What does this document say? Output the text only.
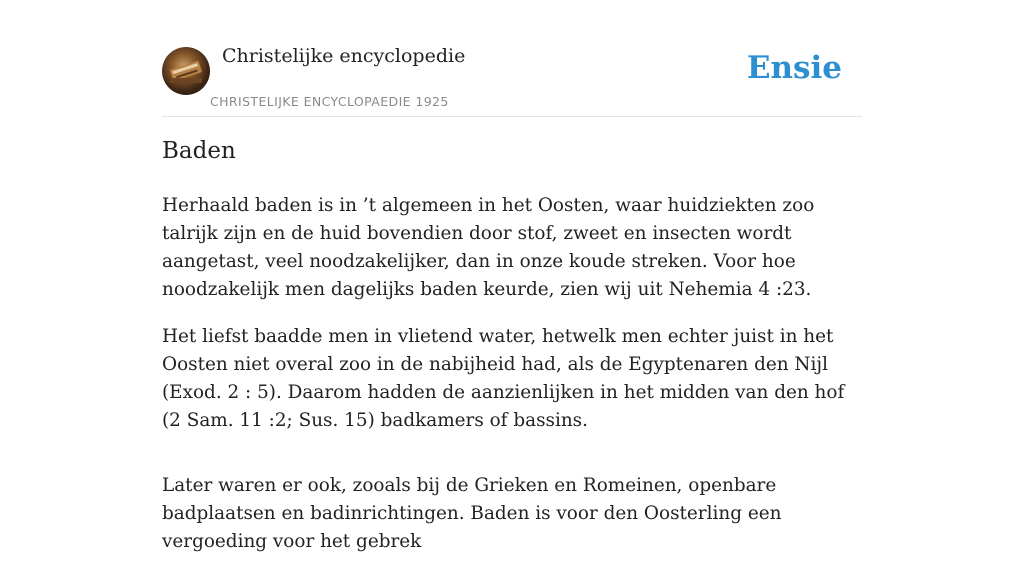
Christelijke encyclopedie
CHRISTELIJKE ENCYCLOPAEDIE 1925
Ensie
Baden

Herhaald baden is in ’t algemeen in het Oosten, waar huidziekten zoo talrijk zijn en de huid bovendien door stof, zweet en insecten wordt aangetast, veel noodzakelijker, dan in onze koude streken. Voor hoe noodzakelijk men dagelijks baden keurde, zien wij uit Nehemia 4 :23.

Het liefst baadde men in vlietend water, hetwelk men echter juist in het Oosten niet overal zoo in de nabijheid had, als de Egyptenaren den Nijl (Exod. 2 : 5). Daarom hadden de aanzienlijken in het midden van den hof (2 Sam. 11 :2; Sus. 15) badkamers of bassins.

Later waren er ook, zooals bij de Grieken en Romeinen, openbare badplaatsen en badinrichtingen. Baden is voor den Oosterling een vergoeding voor het gebrek
